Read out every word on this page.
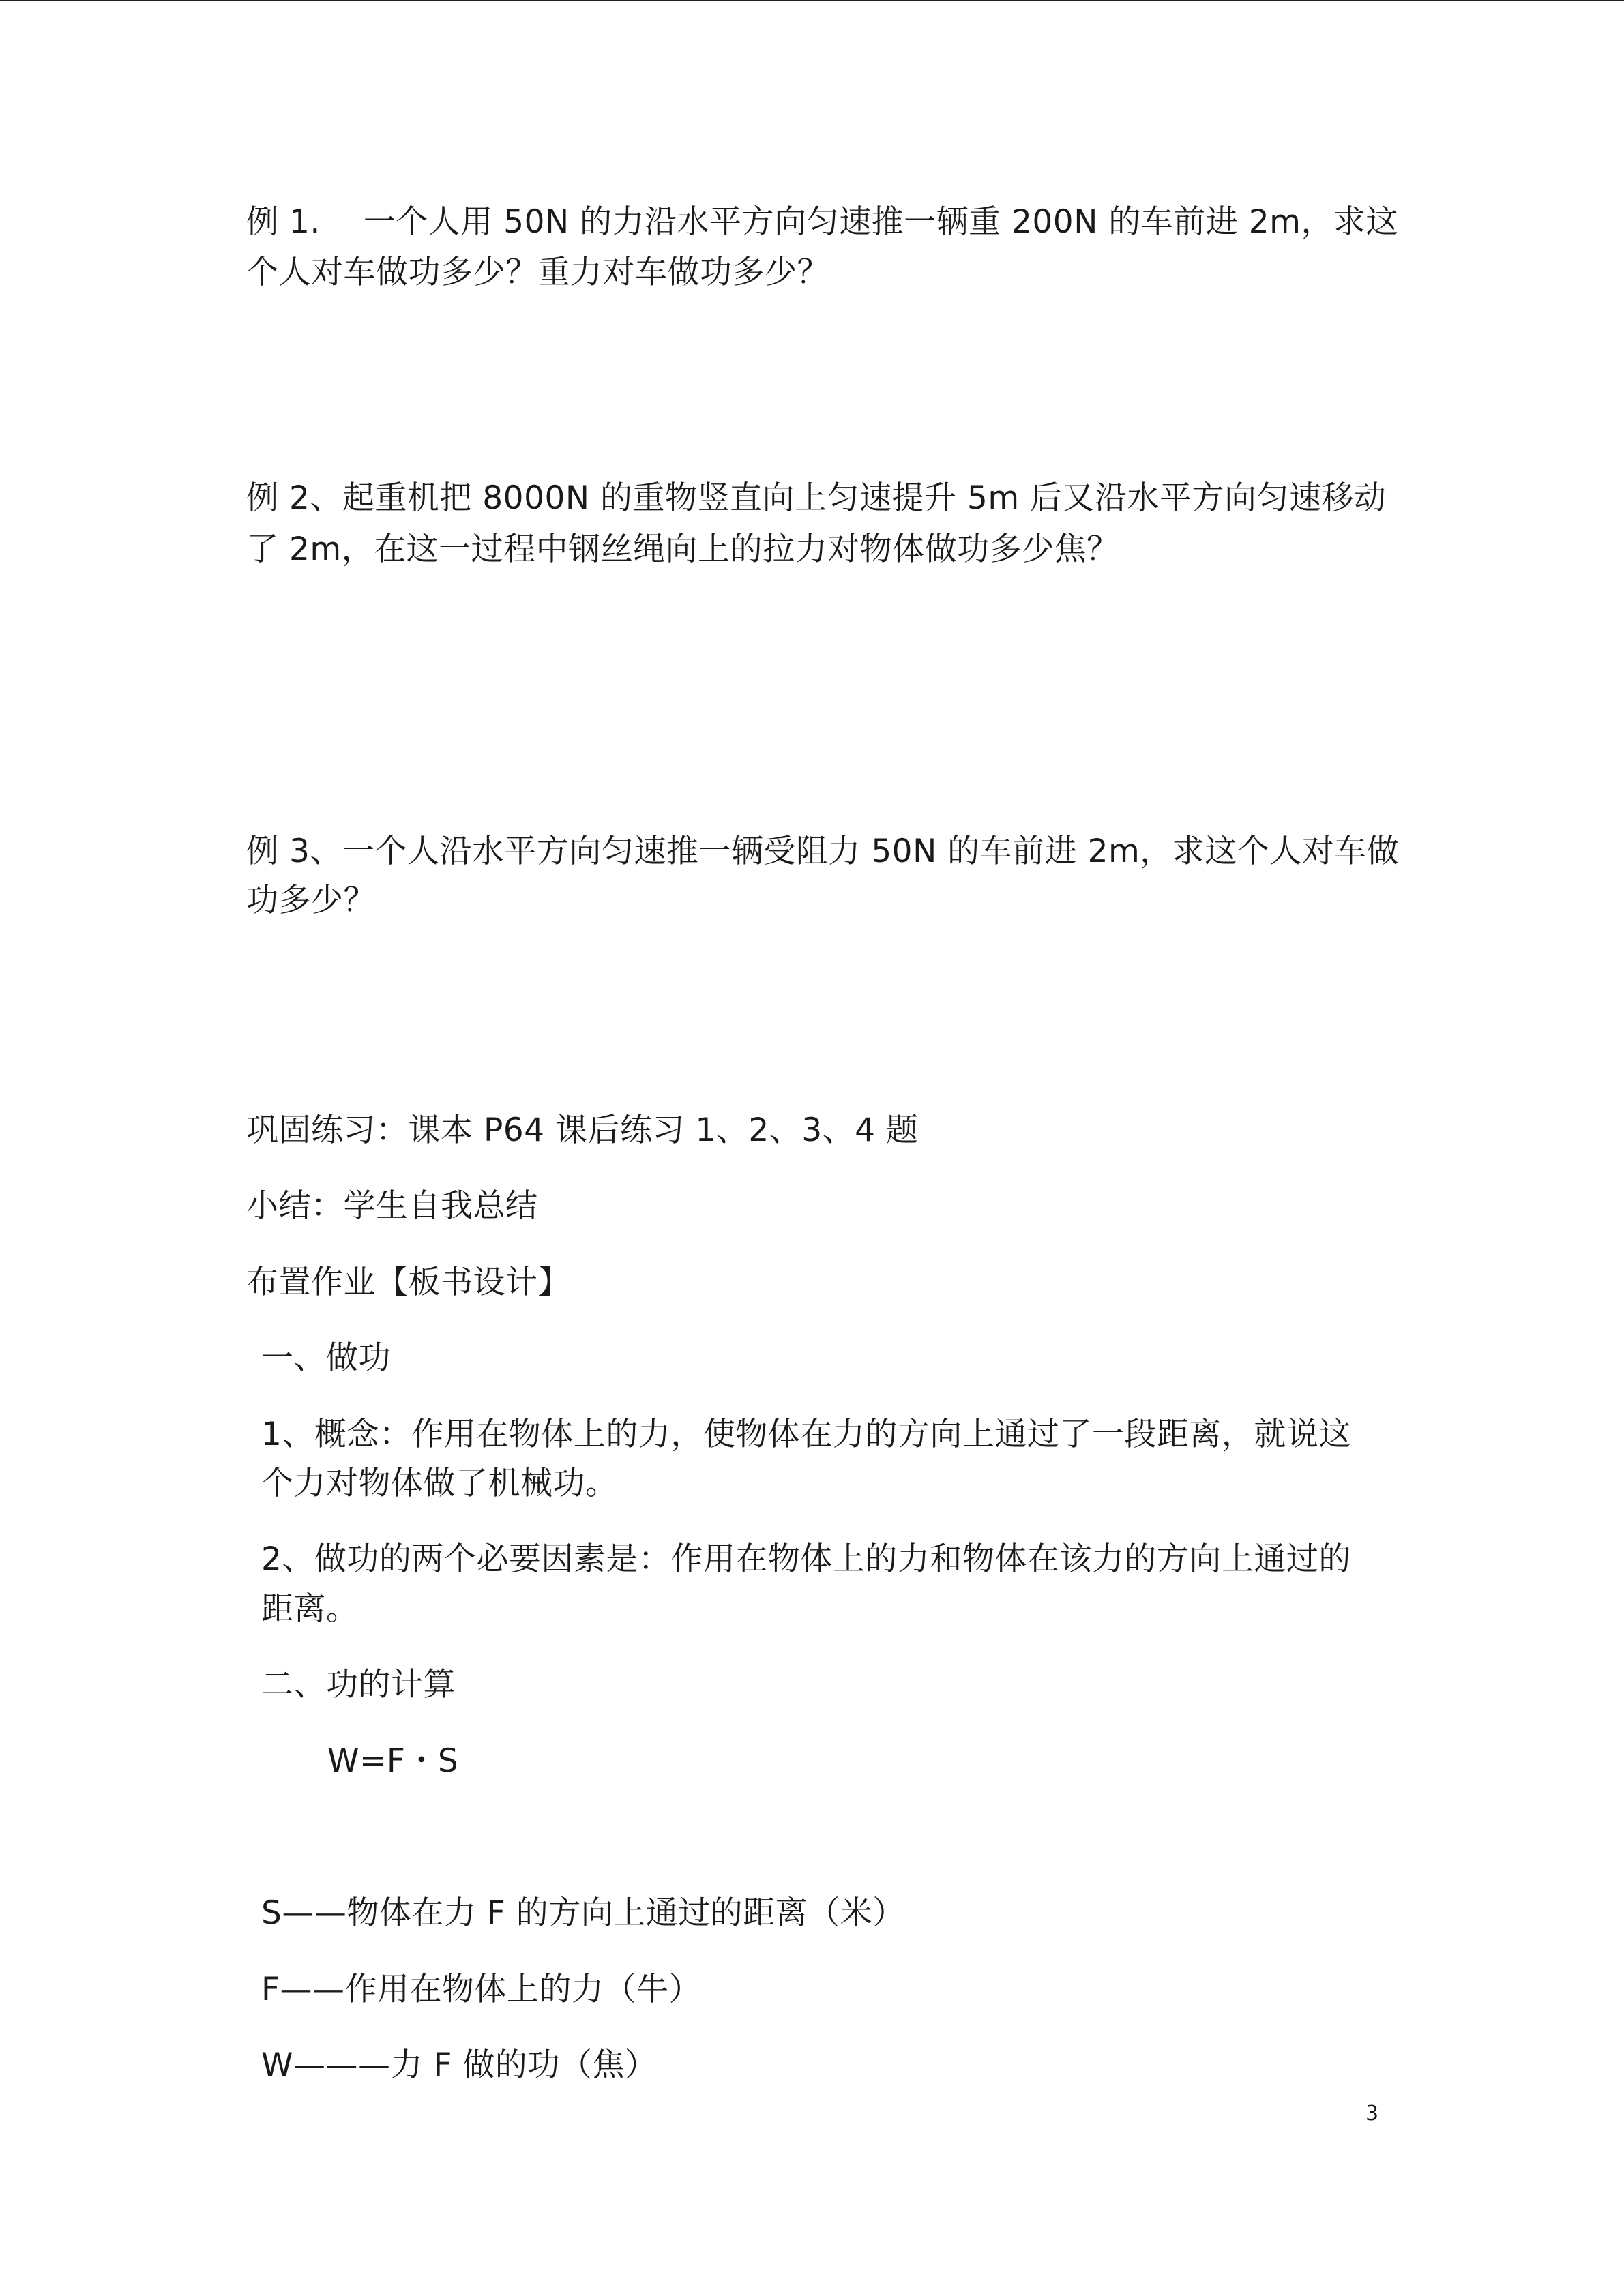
例 1.　 一个人用 50N 的力沿水平方向匀速推一辆重 200N 的车前进 2m，求这
个人对车做功多少？重力对车做功多少？
例 2、起重机把 8000N 的重物竖直向上匀速提升 5m 后又沿水平方向匀速移动
了 2m，在这一过程中钢丝绳向上的拉力对物体做功多少焦？
例 3、一个人沿水平方向匀速推一辆受阻力 50N 的车前进 2m，求这个人对车做
功多少？
巩固练习：课本 P64 课后练习 1、2、3、4 题
小结：学生自我总结
布置作业【板书设计】
一、做功
1、概念：作用在物体上的力，使物体在力的方向上通过了一段距离，就说这
个力对物体做了机械功。
2、做功的两个必要因素是：作用在物体上的力和物体在该力的方向上通过的
距离。
二、功的计算
W=F・S
S——物体在力 F 的方向上通过的距离（米）
F——作用在物体上的力（牛）
W———力 F 做的功（焦）
3
